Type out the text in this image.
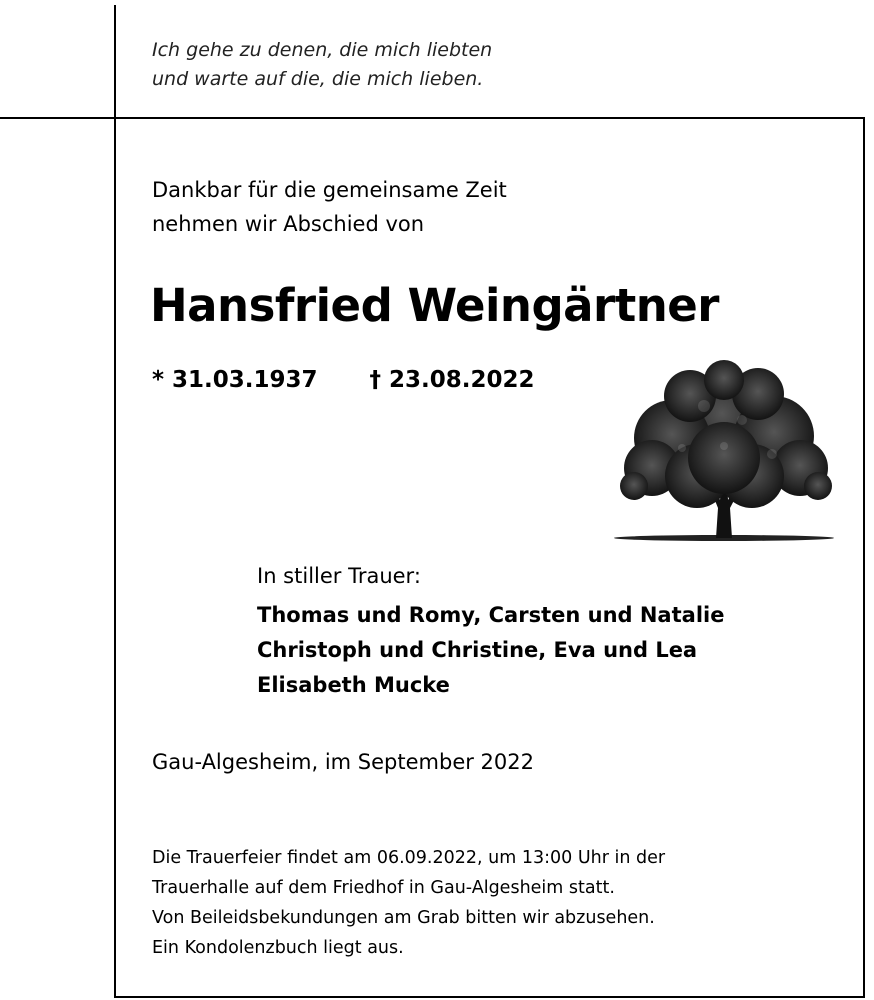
Ich gehe zu denen, die mich liebten
und warte auf die, die mich lieben.
Dankbar für die gemeinsame Zeit
nehmen wir Abschied von
Hansfried Weingärtner
* 31.03.1937 † 23.08.2022
In stiller Trauer:
Thomas und Romy, Carsten und Natalie
Christoph und Christine, Eva und Lea
Elisabeth Mucke
Gau-Algesheim, im September 2022
Die Trauerfeier findet am 06.09.2022, um 13:00 Uhr in der
Trauerhalle auf dem Friedhof in Gau-Algesheim statt.
Von Beileidsbekundungen am Grab bitten wir abzusehen.
Ein Kondolenzbuch liegt aus.
